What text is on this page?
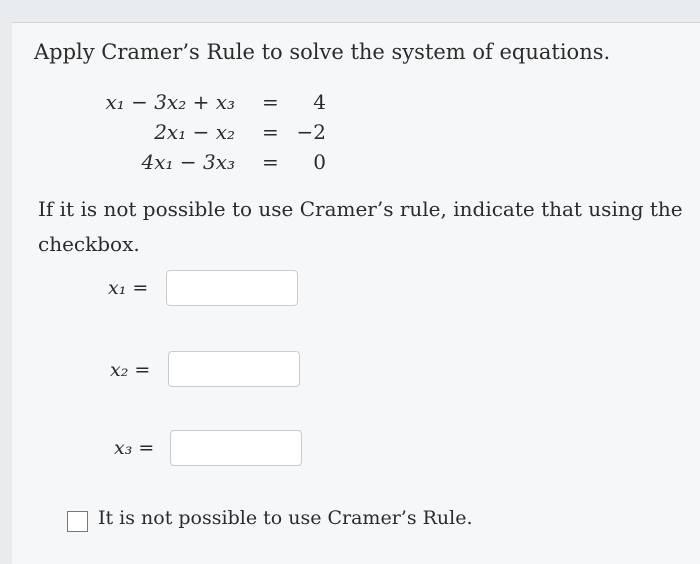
Apply Cramer’s Rule to solve the system of equations.
x₁ − 3x₂ + x₃ =	4
2x₁ − x₂ = −2
4x₁ − 3x₃ =	0
If it is not possible to use Cramer’s rule, indicate that using the checkbox.
x₁ =
x₂ =
x₃ =
It is not possible to use Cramer’s Rule.
